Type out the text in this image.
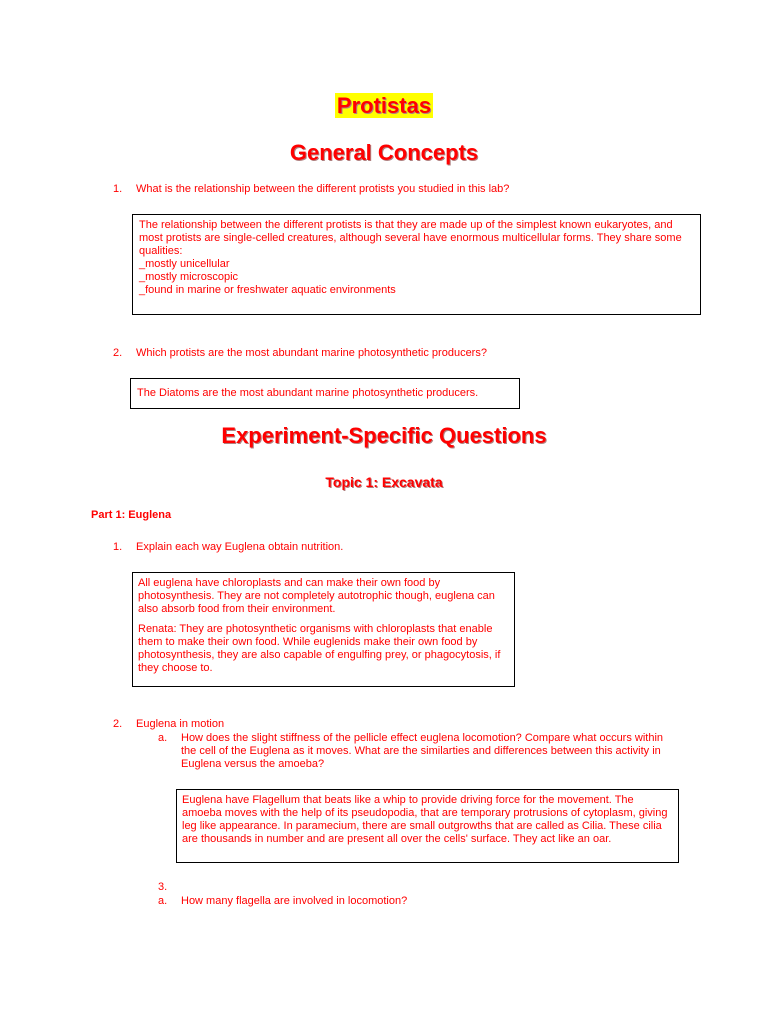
Protistas
General Concepts
1. What is the relationship between the different protists you studied in this lab?

The relationship between the different protists is that they are made up of the simplest known eukaryotes, and most protists are single-celled creatures, although several have enormous multicellular forms. They share some qualities:

_mostly unicellular

_mostly microscopic

_found in marine or freshwater aquatic environments

2. Which protists are the most abundant marine photosynthetic producers?

The Diatoms are the most abundant marine photosynthetic producers.

Experiment-Specific Questions
Topic 1: Excavata
Part 1: Euglena
1. Explain each way Euglena obtain nutrition.

All euglena have chloroplasts and can make their own food by photosynthesis. They are not completely autotrophic though, euglena can also absorb food from their environment.

Renata: They are photosynthetic organisms with chloroplasts that enable them to make their own food. While euglenids make their own food by photosynthesis, they are also capable of engulfing prey, or phagocytosis, if they choose to.

2. Euglena in motion
a. How does the slight stiffness of the pellicle effect euglena locomotion? Compare what occurs within the cell of the Euglena as it moves. What are the similarties and differences between this activity in Euglena versus the amoeba?

Euglena have Flagellum that beats like a whip to provide driving force for the movement. The amoeba moves with the help of its pseudopodia, that are temporary protrusions of cytoplasm, giving leg like appearance. In paramecium, there are small outgrowths that are called as Cilia. These cilia are thousands in number and are present all over the cells' surface. They act like an oar.

3.
a. How many flagella are involved in locomotion?
